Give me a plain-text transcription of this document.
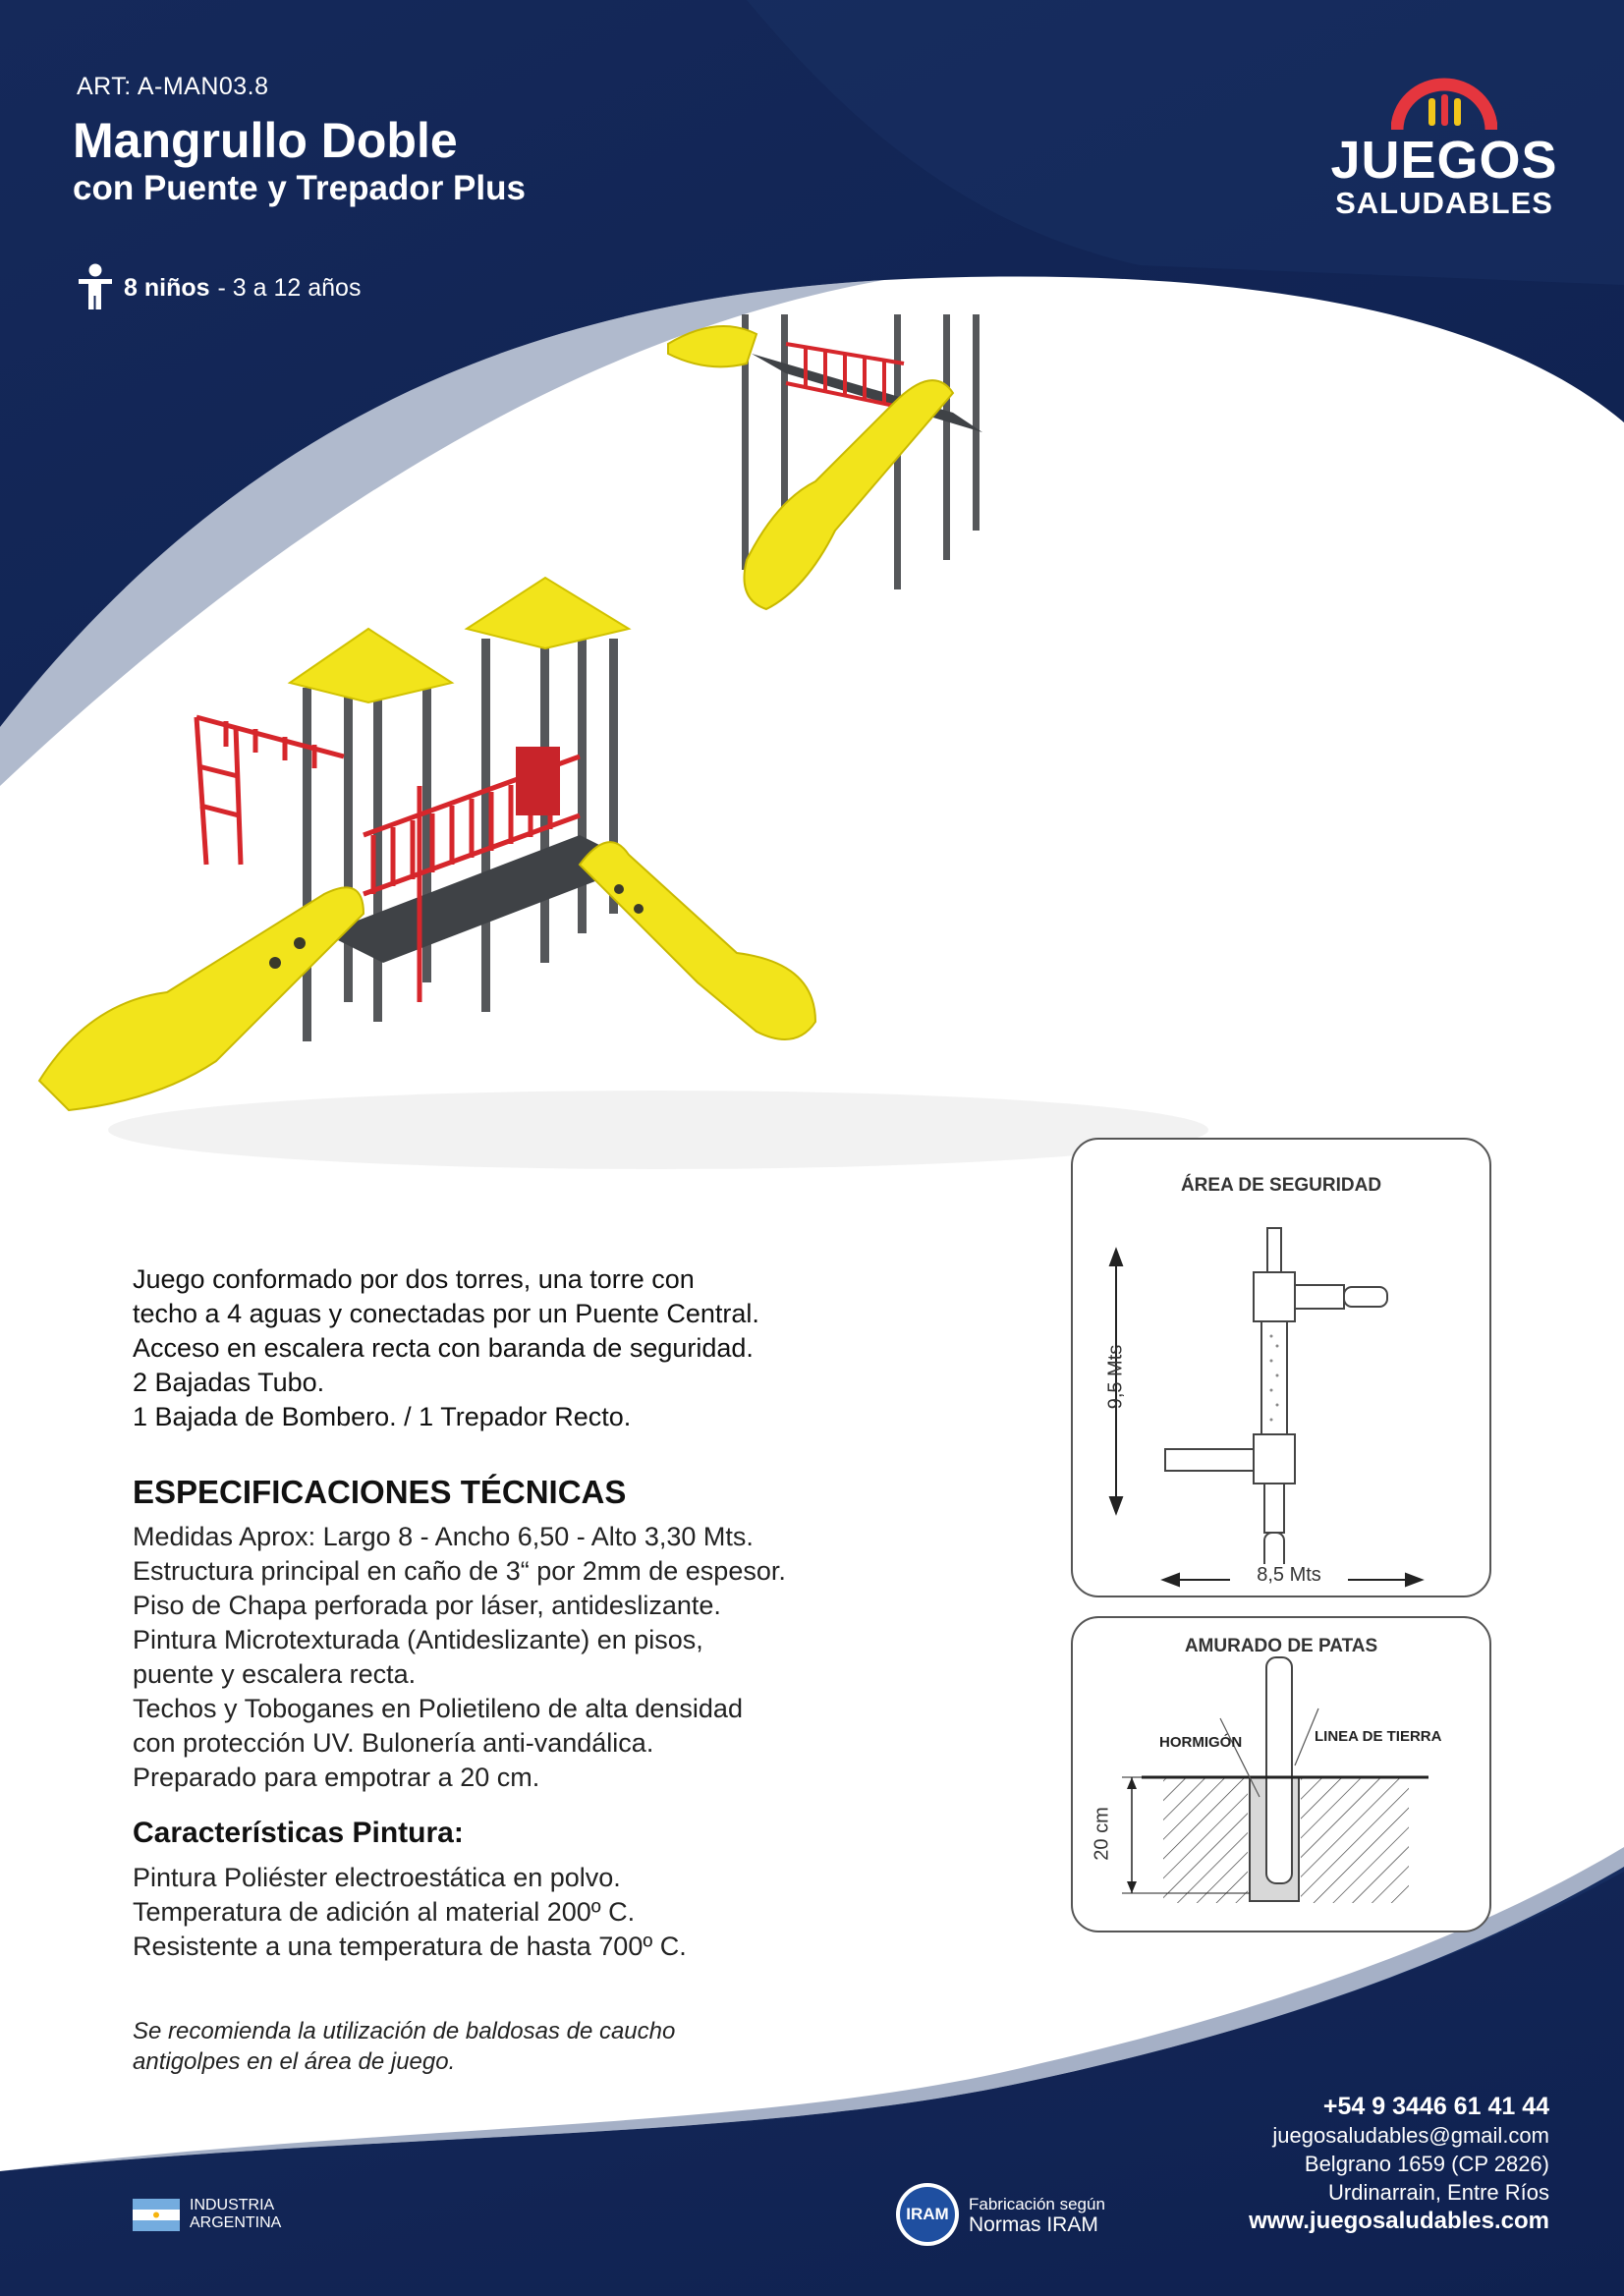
ART: A-MAN03.8
Mangrullo Doble
con Puente y Trepador Plus
8 niños - 3 a 12 años
JUEGOS
SALUDABLES
Juego conformado por dos torres, una torre con
techo a 4 aguas y conectadas por un Puente Central.
Acceso en escalera recta con baranda de seguridad.
2 Bajadas Tubo.
1 Bajada de Bombero. / 1 Trepador Recto.
ESPECIFICACIONES TÉCNICAS
Medidas Aprox: Largo 8 - Ancho 6,50 - Alto 3,30 Mts.
Estructura principal en caño de 3“ por 2mm de espesor.
Piso de Chapa perforada por láser, antideslizante.
Pintura Microtexturada (Antideslizante) en pisos,
puente y escalera recta.
Techos y Toboganes en Polietileno de alta densidad
con protección UV. Bulonería anti-vandálica.
Preparado para empotrar a 20 cm.
Características Pintura:
Pintura Poliéster electroestática en polvo.
Temperatura de adición al material 200º C.
Resistente a una temperatura de hasta 700º C.
Se recomienda la utilización de baldosas de caucho
antigolpes en el área de juego.
ÁREA DE SEGURIDAD
9,5 Mts
8,5 Mts
AMURADO DE PATAS
HORMIGÓN	LINEA DE TIERRA
20 cm
+54 9 3446 61 41 44
juegosaludables@gmail.com
Belgrano 1659 (CP 2826)
Urdinarrain, Entre Ríos
www.juegosaludables.com
INDUSTRIA
ARGENTINA	IRAM
Fabricación según
Normas IRAM
